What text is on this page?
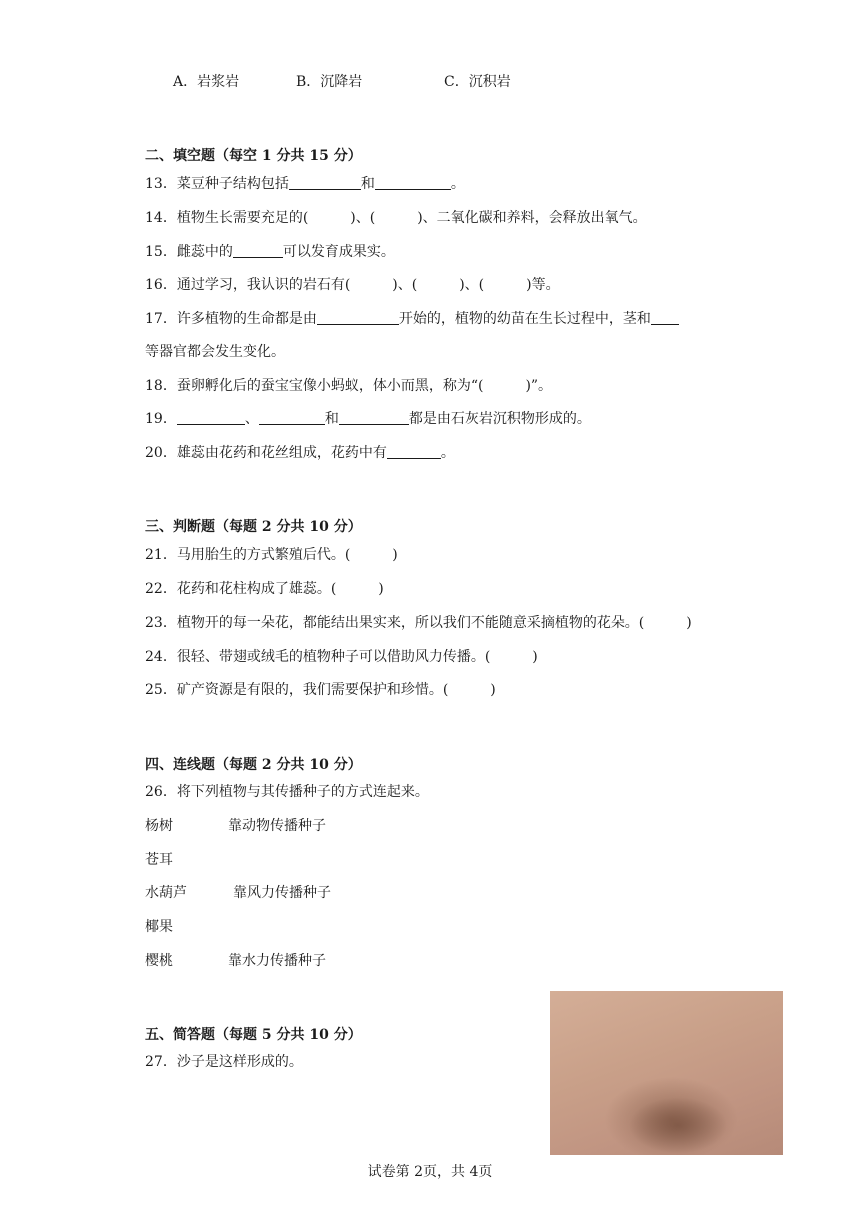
A．岩浆岩	B．沉降岩	C．沉积岩
二、填空题（每空 1 分共 15 分）
13．菜豆种子结构包括	和	。
14．植物生长需要充足的(	)、(	)、二氧化碳和养料，会释放出氧气。
15．雌蕊中的	可以发育成果实。
16．通过学习，我认识的岩石有(	)、(	)、(	)等。
17．许多植物的生命都是由	开始的，植物的幼苗在生长过程中，茎和
等器官都会发生变化。
18．蚕卵孵化后的蚕宝宝像小蚂蚁，体小而黑，称为“(	)”。
19．	、	和	都是由石灰岩沉积物形成的。
20．雄蕊由花药和花丝组成，花药中有	。
三、判断题（每题 2 分共 10 分）
21．马用胎生的方式繁殖后代。(	)
22．花药和花柱构成了雄蕊。(	)
23．植物开的每一朵花，都能结出果实来，所以我们不能随意采摘植物的花朵。(	)
24．很轻、带翅或绒毛的植物种子可以借助风力传播。(	)
25．矿产资源是有限的，我们需要保护和珍惜。(	)
四、连线题（每题 2 分共 10 分）
26．将下列植物与其传播种子的方式连起来。
杨树	靠动物传播种子
苍耳
水葫芦	靠风力传播种子
椰果
樱桃	靠水力传播种子
五、简答题（每题 5 分共 10 分）
27．沙子是这样形成的。
试卷第 2页，共 4页
